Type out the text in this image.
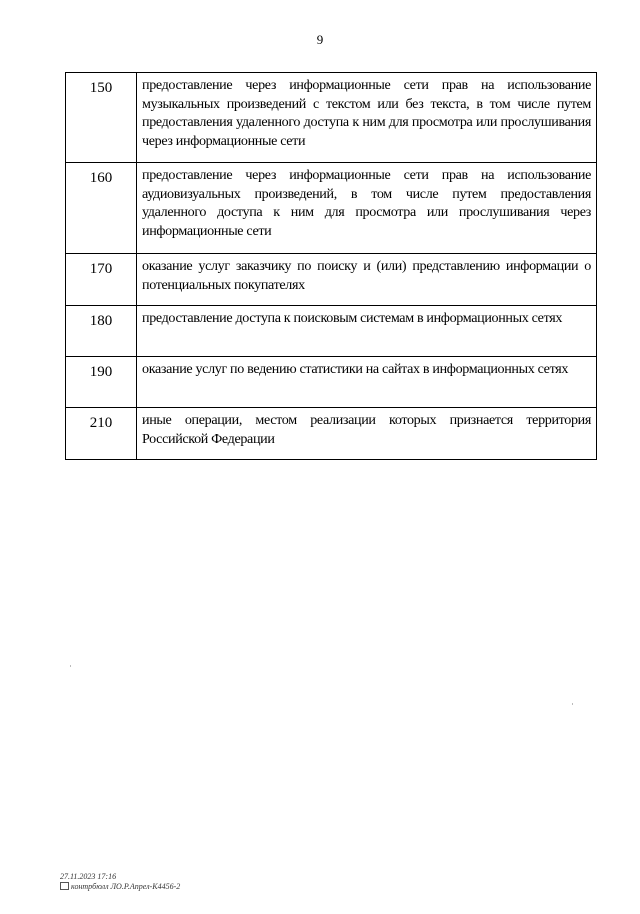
9
150	предоставление через информационные сети прав на использование музыкальных произведений с текстом или без текста, в том числе путем предоставления удаленного доступа к ним для просмотра или прослушивания через информационные сети
160	предоставление через информационные сети прав на использование аудиовизуальных произведений, в том числе путем предоставления удаленного доступа к ним для просмотра или прослушивания через информационные сети
170	оказание услуг заказчику по поиску и (или) представлению информации о потенциальных покупателях
180	предоставление доступа к поисковым системам в информационных сетях
190	оказание услуг по ведению статистики на сайтах в информационных сетях
210	иные операции, местом реализации которых признается территория Российской Федерации
27.11.2023 17:16
контрбюлл ЛО.Р.Апрел-К4456-2
